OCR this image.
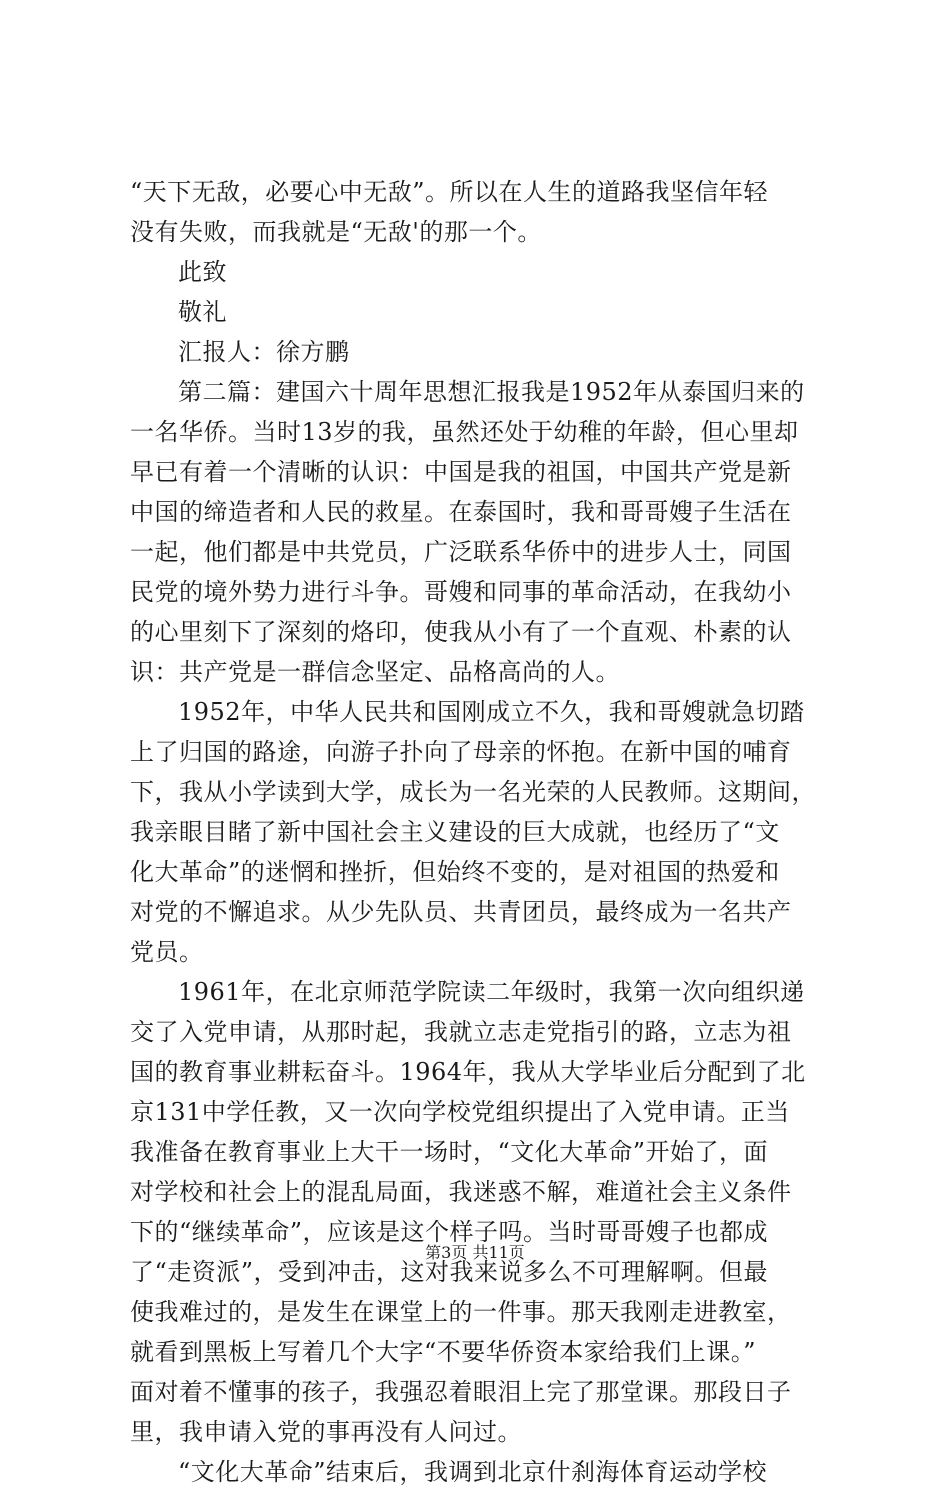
“天下无敌，必要心中无敌”。所以在人生的道路我坚信年轻
没有失败，而我就是“无敌'的那一个。
此致
敬礼
汇报人：徐方鹏
第二篇：建国六十周年思想汇报我是1952年从泰国归来的
一名华侨。当时13岁的我，虽然还处于幼稚的年龄，但心里却
早已有着一个清晰的认识：中国是我的祖国，中国共产党是新
中国的缔造者和人民的救星。在泰国时，我和哥哥嫂子生活在
一起，他们都是中共党员，广泛联系华侨中的进步人士，同国
民党的境外势力进行斗争。哥嫂和同事的革命活动，在我幼小
的心里刻下了深刻的烙印，使我从小有了一个直观、朴素的认
识：共产党是一群信念坚定、品格高尚的人。
1952年，中华人民共和国刚成立不久，我和哥嫂就急切踏
上了归国的路途，向游子扑向了母亲的怀抱。在新中国的哺育
下，我从小学读到大学，成长为一名光荣的人民教师。这期间，
我亲眼目睹了新中国社会主义建设的巨大成就，也经历了“文
化大革命”的迷惘和挫折，但始终不变的，是对祖国的热爱和
对党的不懈追求。从少先队员、共青团员，最终成为一名共产
党员。
1961年，在北京师范学院读二年级时，我第一次向组织递
交了入党申请，从那时起，我就立志走党指引的路，立志为祖
国的教育事业耕耘奋斗。1964年，我从大学毕业后分配到了北
京131中学任教，又一次向学校党组织提出了入党申请。正当
我准备在教育事业上大干一场时，“文化大革命”开始了，面
对学校和社会上的混乱局面，我迷惑不解，难道社会主义条件
下的“继续革命”，应该是这个样子吗。当时哥哥嫂子也都成
了“走资派”，受到冲击，这对我来说多么不可理解啊。但最
使我难过的，是发生在课堂上的一件事。那天我刚走进教室，
就看到黑板上写着几个大字“不要华侨资本家给我们上课。”
面对着不懂事的孩子，我强忍着眼泪上完了那堂课。那段日子
里，我申请入党的事再没有人问过。
“文化大革命”结束后，我调到北京什刹海体育运动学校
第3页 共11页
